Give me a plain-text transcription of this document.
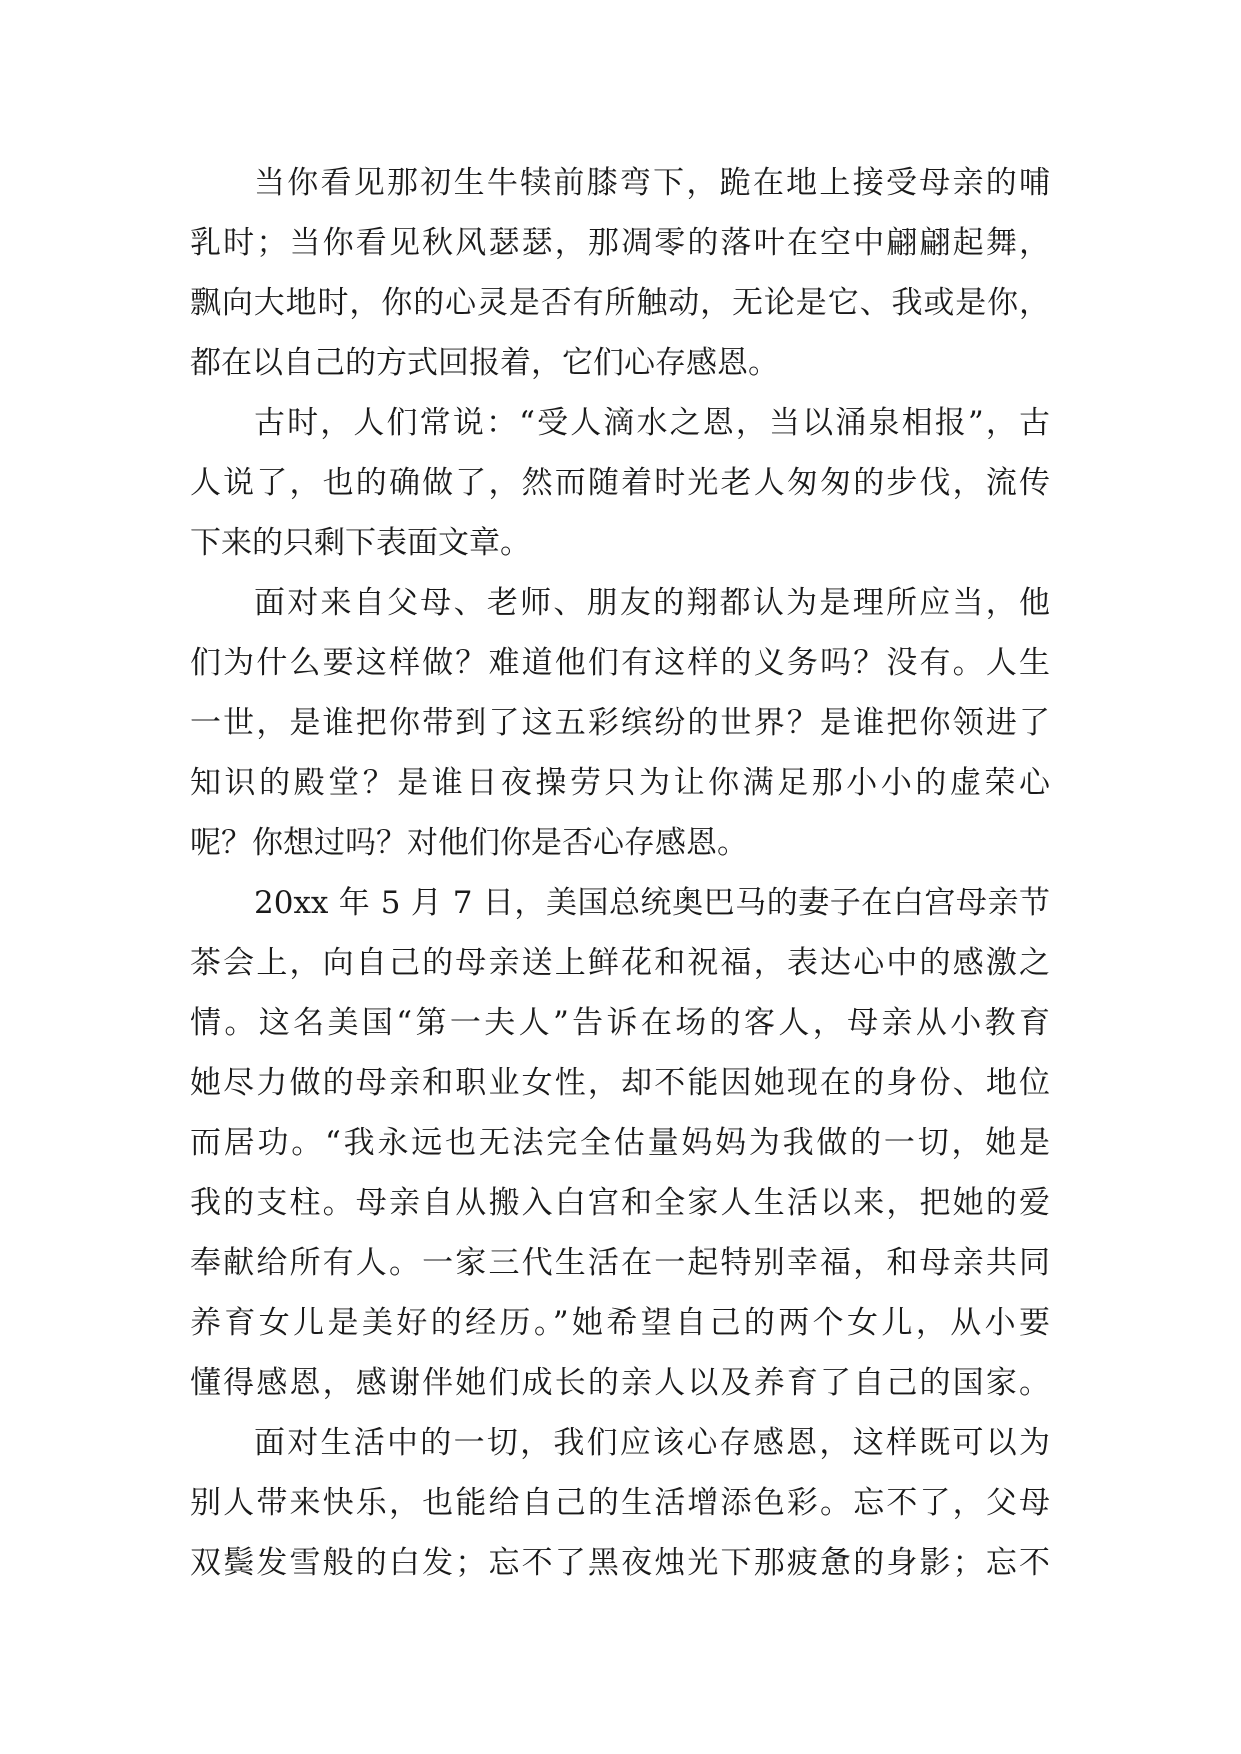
当你看见那初生牛犊前膝弯下，跪在地上接受母亲的哺
乳时；当你看见秋风瑟瑟，那凋零的落叶在空中翩翩起舞，
飘向大地时，你的心灵是否有所触动，无论是它、我或是你，
都在以自己的方式回报着，它们心存感恩。
古时，人们常说：“受人滴水之恩，当以涌泉相报”，古
人说了，也的确做了，然而随着时光老人匆匆的步伐，流传
下来的只剩下表面文章。
面对来自父母、老师、朋友的翔都认为是理所应当，他
们为什么要这样做？难道他们有这样的义务吗？没有。人生
一世，是谁把你带到了这五彩缤纷的世界？是谁把你领进了
知识的殿堂？是谁日夜操劳只为让你满足那小小的虚荣心
呢？你想过吗？对他们你是否心存感恩。
20xx 年 5 月 7 日，美国总统奥巴马的妻子在白宫母亲节
茶会上，向自己的母亲送上鲜花和祝福，表达心中的感激之
情。这名美国“第一夫人”告诉在场的客人，母亲从小教育
她尽力做的母亲和职业女性，却不能因她现在的身份、地位
而居功。“我永远也无法完全估量妈妈为我做的一切，她是
我的支柱。母亲自从搬入白宫和全家人生活以来，把她的爱
奉献给所有人。一家三代生活在一起特别幸福，和母亲共同
养育女儿是美好的经历。”她希望自己的两个女儿，从小要
懂得感恩，感谢伴她们成长的亲人以及养育了自己的国家。
面对生活中的一切，我们应该心存感恩，这样既可以为
别人带来快乐，也能给自己的生活增添色彩。忘不了，父母
双鬓发雪般的白发；忘不了黑夜烛光下那疲惫的身影；忘不
